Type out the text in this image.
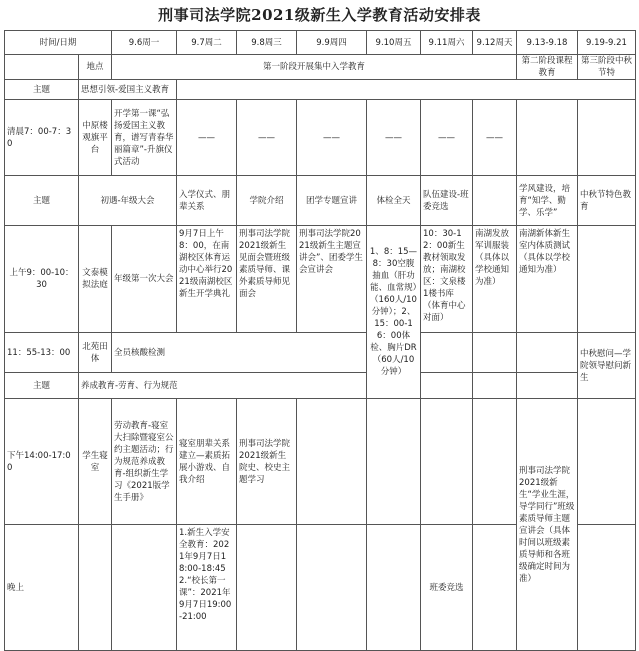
刑事司法学院2021级新生入学教育活动安排表
时间/日期		9.6周一	9.7周二	9.8周三	9.9周四	9.10周五	9.11周六	9.12周天	9.13-9.18	9.19-9.21
	地点	第一阶段开展集中入学教育							第二阶段课程教育	第三阶段中秋节特
主题	思想引领-爱国主义教育									
清晨7：00-7：30	中原楼观旗平台	开学第一课“弘扬爱国主义教育，谱写青春华丽篇章”-升旗仪式活动	——	——	——	——	——	——		
主题	初遇-年级大会		入学仪式、朋辈关系	学院介绍	团学专题宣讲	体检全天	队伍建设-班委竞选		学风建设，培育“知学、勤学、乐学”	中秋节特色教育
上午9：00-10：30	文泰模拟法庭	年级第一次大会	9月7日上午8：00，在南湖校区体育运动中心举行2021级南湖校区新生开学典礼	刑事司法学院2021级新生见面会暨班级素质导师、课外素质导师见面会	刑事司法学院2021级新生主题宣讲会”、团委学生会宣讲会	1、8：15—8：30空腹抽血（肝功能、血常规）（160人/10分钟）；2、15：00-16：00体检、胸片DR（60人/10分钟）	10：30-12：00新生教材领取发放；南湖校区：文泉楼1楼书库（体育中心对面）	南湖发放军训服装（具体以学校通知为准）	南湖新体新生室内体质测试（具体以学校通知为准）	
11：55-13：00	北苑田体	全员核酸检测								中秋慰问—学院领导慰问新生
主题	养成教育-劳育、行为规范									
下午14:00-17:00	学生寝室	劳动教育-寝室大扫除暨寝室公约主题活动；行为规范养成教育-组织新生学习《2021版学生手册》	寝室朋辈关系建立—素质拓展小游戏、自我介绍	刑事司法学院2021级新生院史、校史主题学习					刑事司法学院2021级新生“学业生涯，导学同行”班级素质导师主题宣讲会（具体时间以班级素质导师和各班级确定时间为准）	
晚上			1.新生入学安全教育：2021年9月7日18:00-18:45 2.“校长第一课”：2021年9月7日19:00-21:00				班委竞选			
